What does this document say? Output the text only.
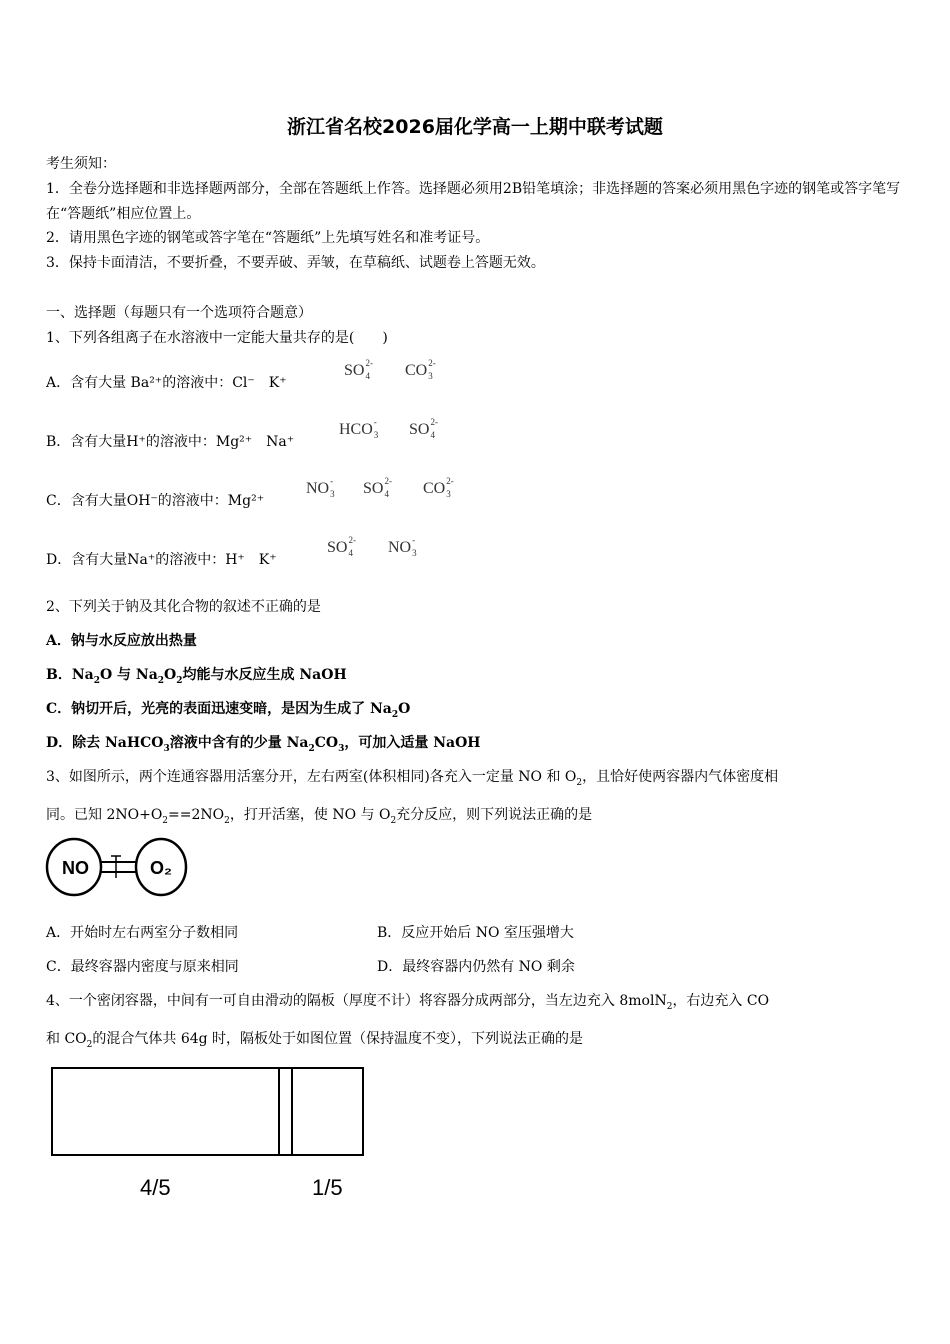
浙江省名校2026届化学高一上期中联考试题
考生须知：
1．全卷分选择题和非选择题两部分，全部在答题纸上作答。选择题必须用2B铅笔填涂；非选择题的答案必须用黑色字迹的钢笔或答字笔写在“答题纸”相应位置上。
2．请用黑色字迹的钢笔或答字笔在“答题纸”上先填写姓名和准考证号。
3．保持卡面清洁，不要折叠，不要弄破、弄皱，在草稿纸、试题卷上答题无效。
一、选择题（每题只有一个选项符合题意）
1、下列各组离子在水溶液中一定能大量共存的是(　　)
A．含有大量 Ba²⁺的溶液中：Cl⁻　K⁺
SO 2-
4 CO 2-
3
B．含有大量H⁺的溶液中：Mg²⁺　Na⁺
HCO -
3 SO 2-
4
C．含有大量OH⁻的溶液中：Mg²⁺
NO -
3 SO 2-
4 CO 2-
3
D．含有大量Na⁺的溶液中：H⁺　K⁺
SO 2-
4 NO -
3
2、下列关于钠及其化合物的叙述不正确的是
A．钠与水反应放出热量
B．$Na_2O$ 与 $Na_2O_2$均能与水反应生成 NaOH
C．钠切开后，光亮的表面迅速变暗，是因为生成了 $Na_2O$
D．除去 NaHCO$_3$溶液中含有的少量 $Na_2CO_3$，可加入适量 NaOH
3、如图所示，两个连通容器用活塞分开，左右两室(体积相同)各充入一定量 NO 和 $O_2$，且恰好使两容器内气体密度相
同。已知 $2NO+O_2==2NO_2$，打开活塞，使 NO 与 $O_2$充分反应，则下列说法正确的是
NO	O₂
A．开始时左右两室分子数相同	B．反应开始后 NO 室压强增大
C．最终容器内密度与原来相同	D．最终容器内仍然有 NO 剩余
4、一个密闭容器，中间有一可自由滑动的隔板（厚度不计）将容器分成两部分，当左边充入 8molN$_2$，右边充入 CO
和 $CO_2$的混合气体共 64g 时，隔板处于如图位置（保持温度不变），下列说法正确的是
4/5	1/5
